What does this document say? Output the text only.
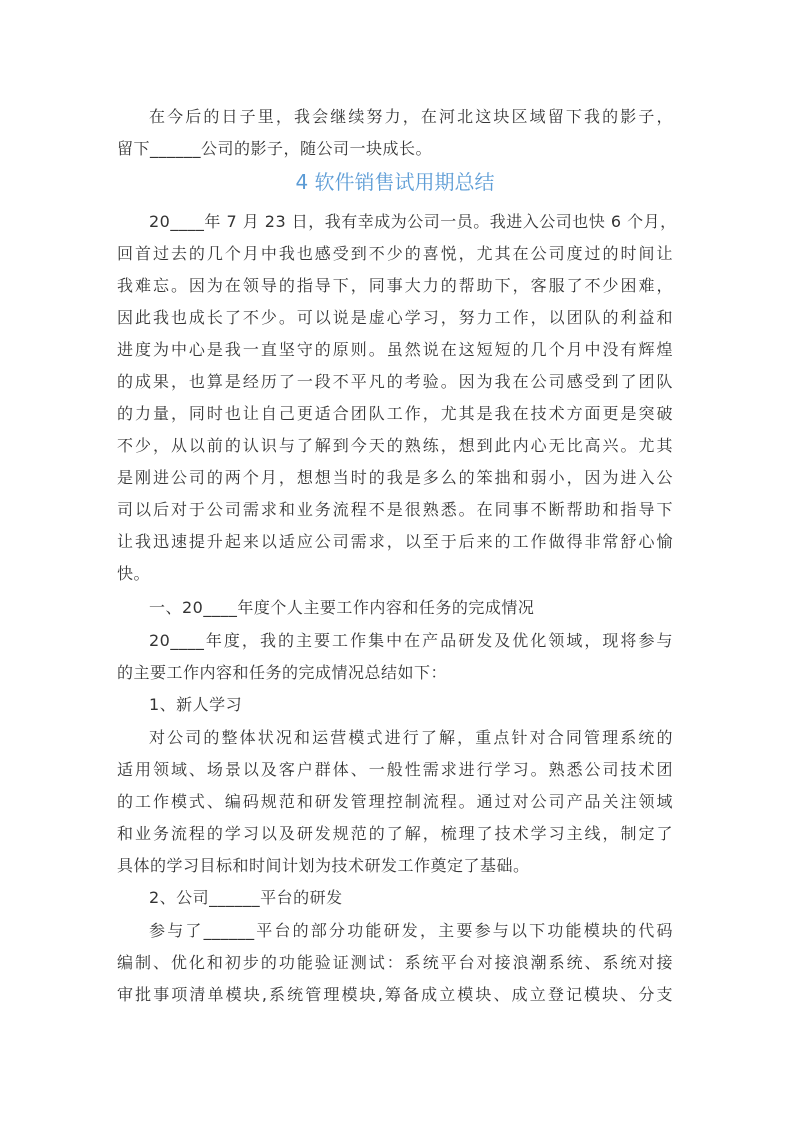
在今后的日子里，我会继续努力，在河北这块区域留下我的影子，
留下______公司的影子，随公司一块成长。
4 软件销售试用期总结
20____年 7 月 23 日，我有幸成为公司一员。我进入公司也快 6 个月，
回首过去的几个月中我也感受到不少的喜悦，尤其在公司度过的时间让
我难忘。因为在领导的指导下，同事大力的帮助下，客服了不少困难，
因此我也成长了不少。可以说是虚心学习，努力工作，以团队的利益和
进度为中心是我一直坚守的原则。虽然说在这短短的几个月中没有辉煌
的成果，也算是经历了一段不平凡的考验。因为我在公司感受到了团队
的力量，同时也让自己更适合团队工作，尤其是我在技术方面更是突破
不少，从以前的认识与了解到今天的熟练，想到此内心无比高兴。尤其
是刚进公司的两个月，想想当时的我是多么的笨拙和弱小，因为进入公
司以后对于公司需求和业务流程不是很熟悉。在同事不断帮助和指导下
让我迅速提升起来以适应公司需求，以至于后来的工作做得非常舒心愉
快。
一、20____年度个人主要工作内容和任务的完成情况
20____年度，我的主要工作集中在产品研发及优化领域，现将参与
的主要工作内容和任务的完成情况总结如下：
1、新人学习
对公司的整体状况和运营模式进行了解，重点针对合同管理系统的
适用领域、场景以及客户群体、一般性需求进行学习。熟悉公司技术团
的工作模式、编码规范和研发管理控制流程。通过对公司产品关注领域
和业务流程的学习以及研发规范的了解，梳理了技术学习主线，制定了
具体的学习目标和时间计划为技术研发工作奠定了基础。
2、公司______平台的研发
参与了______平台的部分功能研发，主要参与以下功能模块的代码
编制、优化和初步的功能验证测试：系统平台对接浪潮系统、系统对接
审批事项清单模块,系统管理模块,筹备成立模块、成立登记模块、分支
